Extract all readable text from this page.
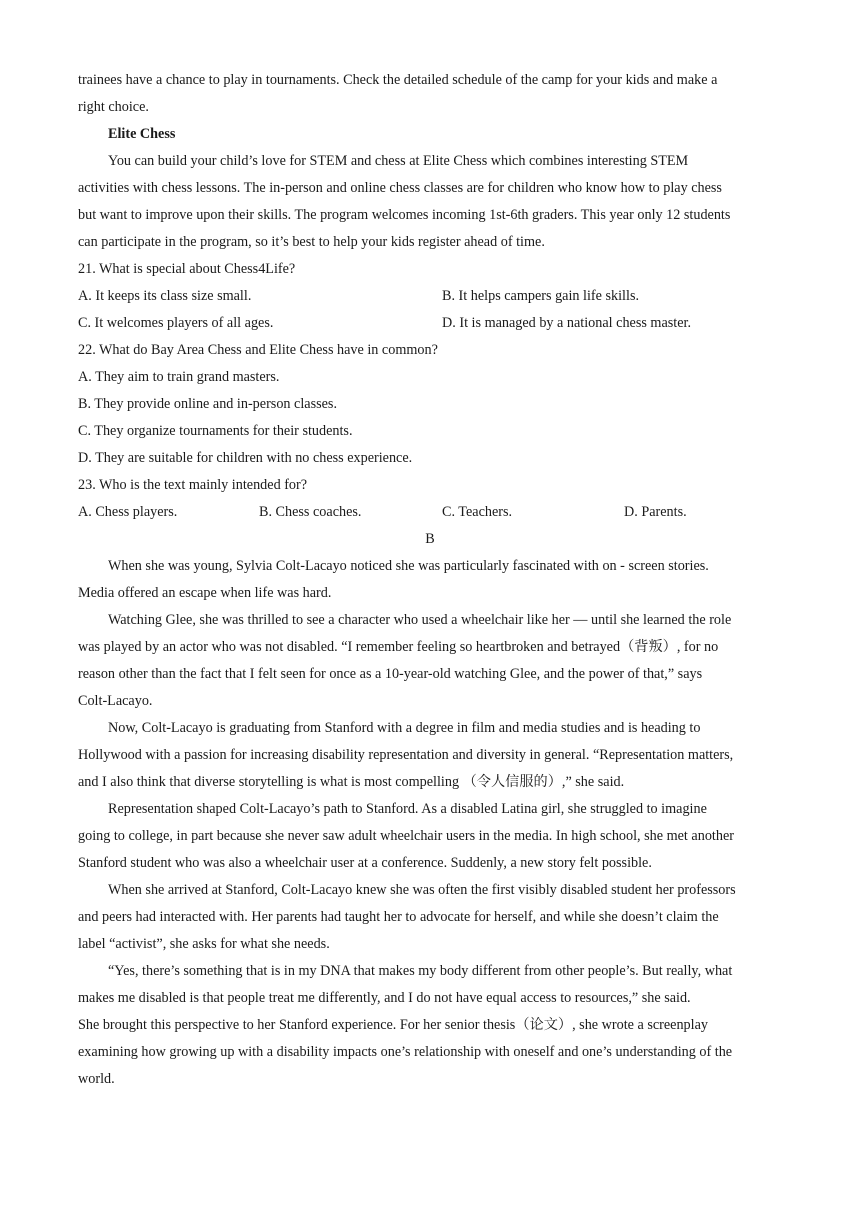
trainees have a chance to play in tournaments. Check the detailed schedule of the camp for your kids and make a
right choice.
Elite Chess
You can build your child’s love for STEM and chess at Elite Chess which combines interesting STEM
activities with chess lessons. The in-person and online chess classes are for children who know how to play chess
but want to improve upon their skills. The program welcomes incoming 1st-6th graders. This year only 12 students
can participate in the program, so it’s best to help your kids register ahead of time.
21. What is special about Chess4Life?
A. It keeps its class size small.	B. It helps campers gain life skills.
C. It welcomes players of all ages.	D. It is managed by a national chess master.
22. What do Bay Area Chess and Elite Chess have in common?
A. They aim to train grand masters.
B. They provide online and in-person classes.
C. They organize tournaments for their students.
D. They are suitable for children with no chess experience.
23. Who is the text mainly intended for?
A. Chess players.	B. Chess coaches.	C. Teachers.	D. Parents.
B
When she was young, Sylvia Colt-Lacayo noticed she was particularly fascinated with on - screen stories.
Media offered an escape when life was hard.
Watching Glee, she was thrilled to see a character who used a wheelchair like her — until she learned the role
was played by an actor who was not disabled. “I remember feeling so heartbroken and betrayed（背叛）, for no
reason other than the fact that I felt seen for once as a 10-year-old watching Glee, and the power of that,” says
Colt-Lacayo.
Now, Colt-Lacayo is graduating from Stanford with a degree in film and media studies and is heading to
Hollywood with a passion for increasing disability representation and diversity in general. “Representation matters,
and I also think that diverse storytelling is what is most compelling （令人信服的）,” she said.
Representation shaped Colt-Lacayo’s path to Stanford. As a disabled Latina girl, she struggled to imagine
going to college, in part because she never saw adult wheelchair users in the media. In high school, she met another
Stanford student who was also a wheelchair user at a conference. Suddenly, a new story felt possible.
When she arrived at Stanford, Colt-Lacayo knew she was often the first visibly disabled student her professors
and peers had interacted with. Her parents had taught her to advocate for herself, and while she doesn’t claim the
label “activist”, she asks for what she needs.
“Yes, there’s something that is in my DNA that makes my body different from other people’s. But really, what
makes me disabled is that people treat me differently, and I do not have equal access to resources,” she said.
She brought this perspective to her Stanford experience. For her senior thesis（论文）, she wrote a screenplay
examining how growing up with a disability impacts one’s relationship with oneself and one’s understanding of the
world.
